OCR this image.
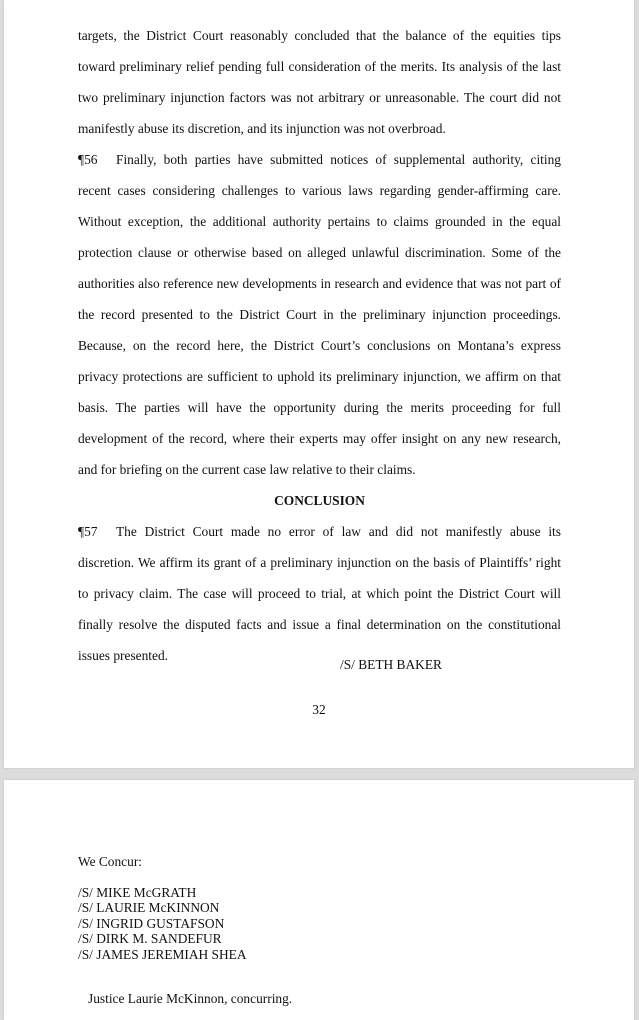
targets, the District Court reasonably concluded that the balance of the equities tips toward preliminary relief pending full consideration of the merits. Its analysis of the last two preliminary injunction factors was not arbitrary or unreasonable. The court did not manifestly abuse its discretion, and its injunction was not overbroad.

¶56 Finally, both parties have submitted notices of supplemental authority, citing recent cases considering challenges to various laws regarding gender-affirming care. Without exception, the additional authority pertains to claims grounded in the equal protection clause or otherwise based on alleged unlawful discrimination. Some of the authorities also reference new developments in research and evidence that was not part of the record presented to the District Court in the preliminary injunction proceedings. Because, on the record here, the District Court’s conclusions on Montana’s express privacy protections are sufficient to uphold its preliminary injunction, we affirm on that basis. The parties will have the opportunity during the merits proceeding for full development of the record, where their experts may offer insight on any new research, and for briefing on the current case law relative to their claims.

CONCLUSION

¶57 The District Court made no error of law and did not manifestly abuse its discretion. We affirm its grant of a preliminary injunction on the basis of Plaintiffs’ right to privacy claim. The case will proceed to trial, at which point the District Court will finally resolve the disputed facts and issue a final determination on the constitutional issues presented.

/S/ BETH BAKER
32
We Concur:
/S/ MIKE McGRATH
/S/ LAURIE McKINNON
/S/ INGRID GUSTAFSON
/S/ DIRK M. SANDEFUR
/S/ JAMES JEREMIAH SHEA
Justice Laurie McKinnon, concurring.
